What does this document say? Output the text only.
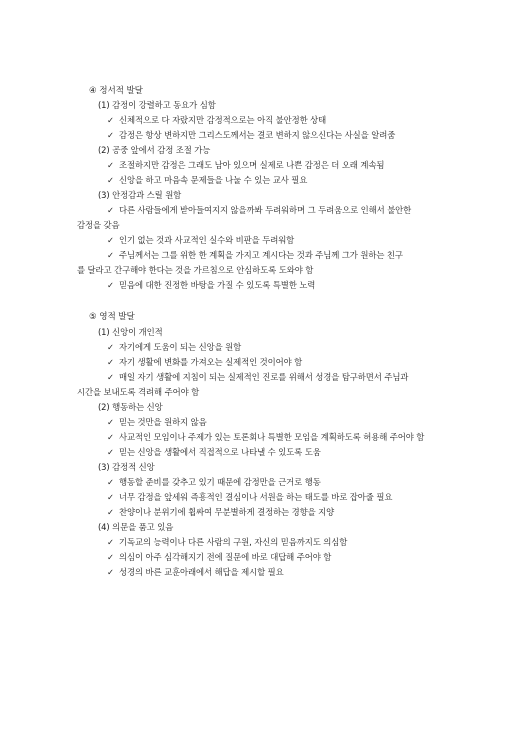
④ 정서적 발달
(1) 감정이 강렬하고 동요가 심함
✓ 신체적으로 다 자랐지만 감정적으로는 아직 불안정한 상태
✓ 감정은 항상 변하지만 그리스도께서는 결코 변하지 않으신다는 사실을 알려줌
(2) 공중 앞에서 감정 조절 가능
✓ 조절하지만 감정은 그래도 남아 있으며 실제로 나쁜 감정은 더 오래 계속됨
✓ 신앙을 하고 마음속 문제들을 나눌 수 있는 교사 필요
(3) 안정감과 스릴 원함
✓ 다른 사람들에게 받아들여지지 않을까봐 두려워하며 그 두려움으로 인해서 불안한
감정을 갖음
✓ 인기 없는 것과 사교적인 실수와 비판을 두려워함
✓ 주님께서는 그를 위한 한 계획을 가지고 계시다는 것과 주님께 그가 원하는 친구
를 달라고 간구해야 한다는 것을 가르침으로 안심하도록 도와야 함
✓ 믿음에 대한 진정한 바탕을 가질 수 있도록 특별한 노력
⑤ 영적 발달
(1) 신앙이 개인적
✓ 자기에게 도움이 되는 신앙을 원함
✓ 자기 생활에 변화를 가져오는 실제적인 것이어야 함
✓ 매일 자기 생활에 지침이 되는 실제적인 진로를 위해서 성경을 탐구하면서 주님과
시간을 보내도록 격려해 주어야 함
(2) 행동하는 신앙
✓ 믿는 것만을 원하지 않음
✓ 사교적인 모임이나 주제가 있는 토론회나 특별한 모임을 계획하도록 허용해 주어야 함
✓ 믿는 신앙을 생활에서 직접적으로 나타낼 수 있도록 도움
(3) 감정적 신앙
✓ 행동할 준비를 갖추고 있기 때문에 감정만을 근거로 행동
✓ 너무 감정을 앞세워 즉흥적인 결심이나 서원을 하는 태도를 바로 잡아줄 필요
✓ 찬양이나 분위기에 휩싸여 무분별하게 결정하는 경향을 지양
(4) 의문을 품고 있음
✓ 기독교의 능력이나 다른 사람의 구원, 자신의 믿음까지도 의심함
✓ 의심이 아주 심각해지기 전에 질문에 바로 대답해 주어야 함
✓ 성경의 바른 교훈아래에서 해답을 제시할 필요
